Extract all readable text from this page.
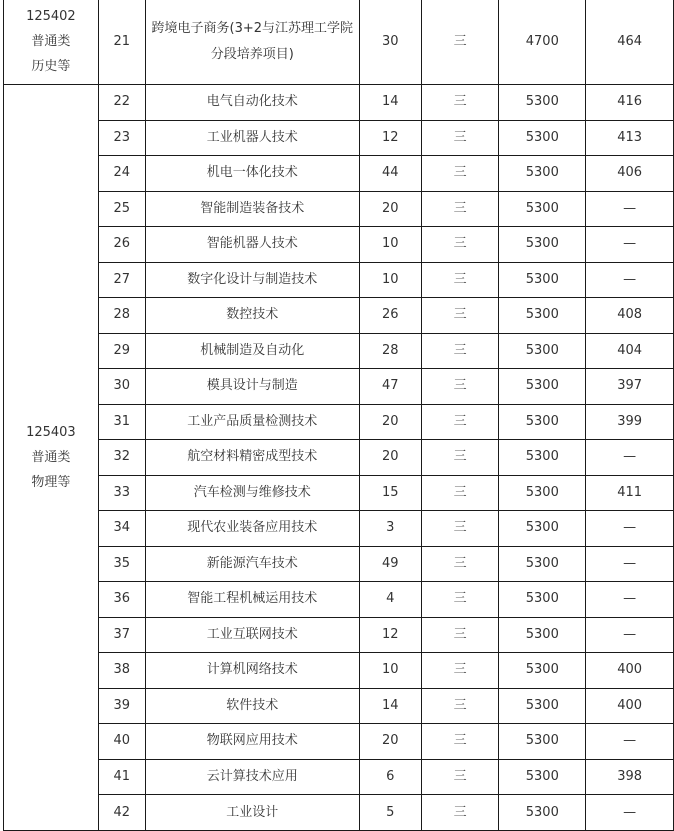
125402
普通类
历史等	21	跨境电子商务(3+2与江苏理工学院分段培养项目)	30	三	4700	464

125403
普通类
物理等	22	电气自动化技术	14	三	5300	416
	23	工业机器人技术	12	三	5300	413
	24	机电一体化技术	44	三	5300	406
	25	智能制造装备技术	20	三	5300	—
	26	智能机器人技术	10	三	5300	—
	27	数字化设计与制造技术	10	三	5300	—
	28	数控技术	26	三	5300	408
	29	机械制造及自动化	28	三	5300	404
	30	模具设计与制造	47	三	5300	397
	31	工业产品质量检测技术	20	三	5300	399
	32	航空材料精密成型技术	20	三	5300	—
	33	汽车检测与维修技术	15	三	5300	411
	34	现代农业装备应用技术	3	三	5300	—
	35	新能源汽车技术	49	三	5300	—
	36	智能工程机械运用技术	4	三	5300	—
	37	工业互联网技术	12	三	5300	—
	38	计算机网络技术	10	三	5300	400
	39	软件技术	14	三	5300	400
	40	物联网应用技术	20	三	5300	—
	41	云计算技术应用	6	三	5300	398
	42	工业设计	5	三	5300	—
